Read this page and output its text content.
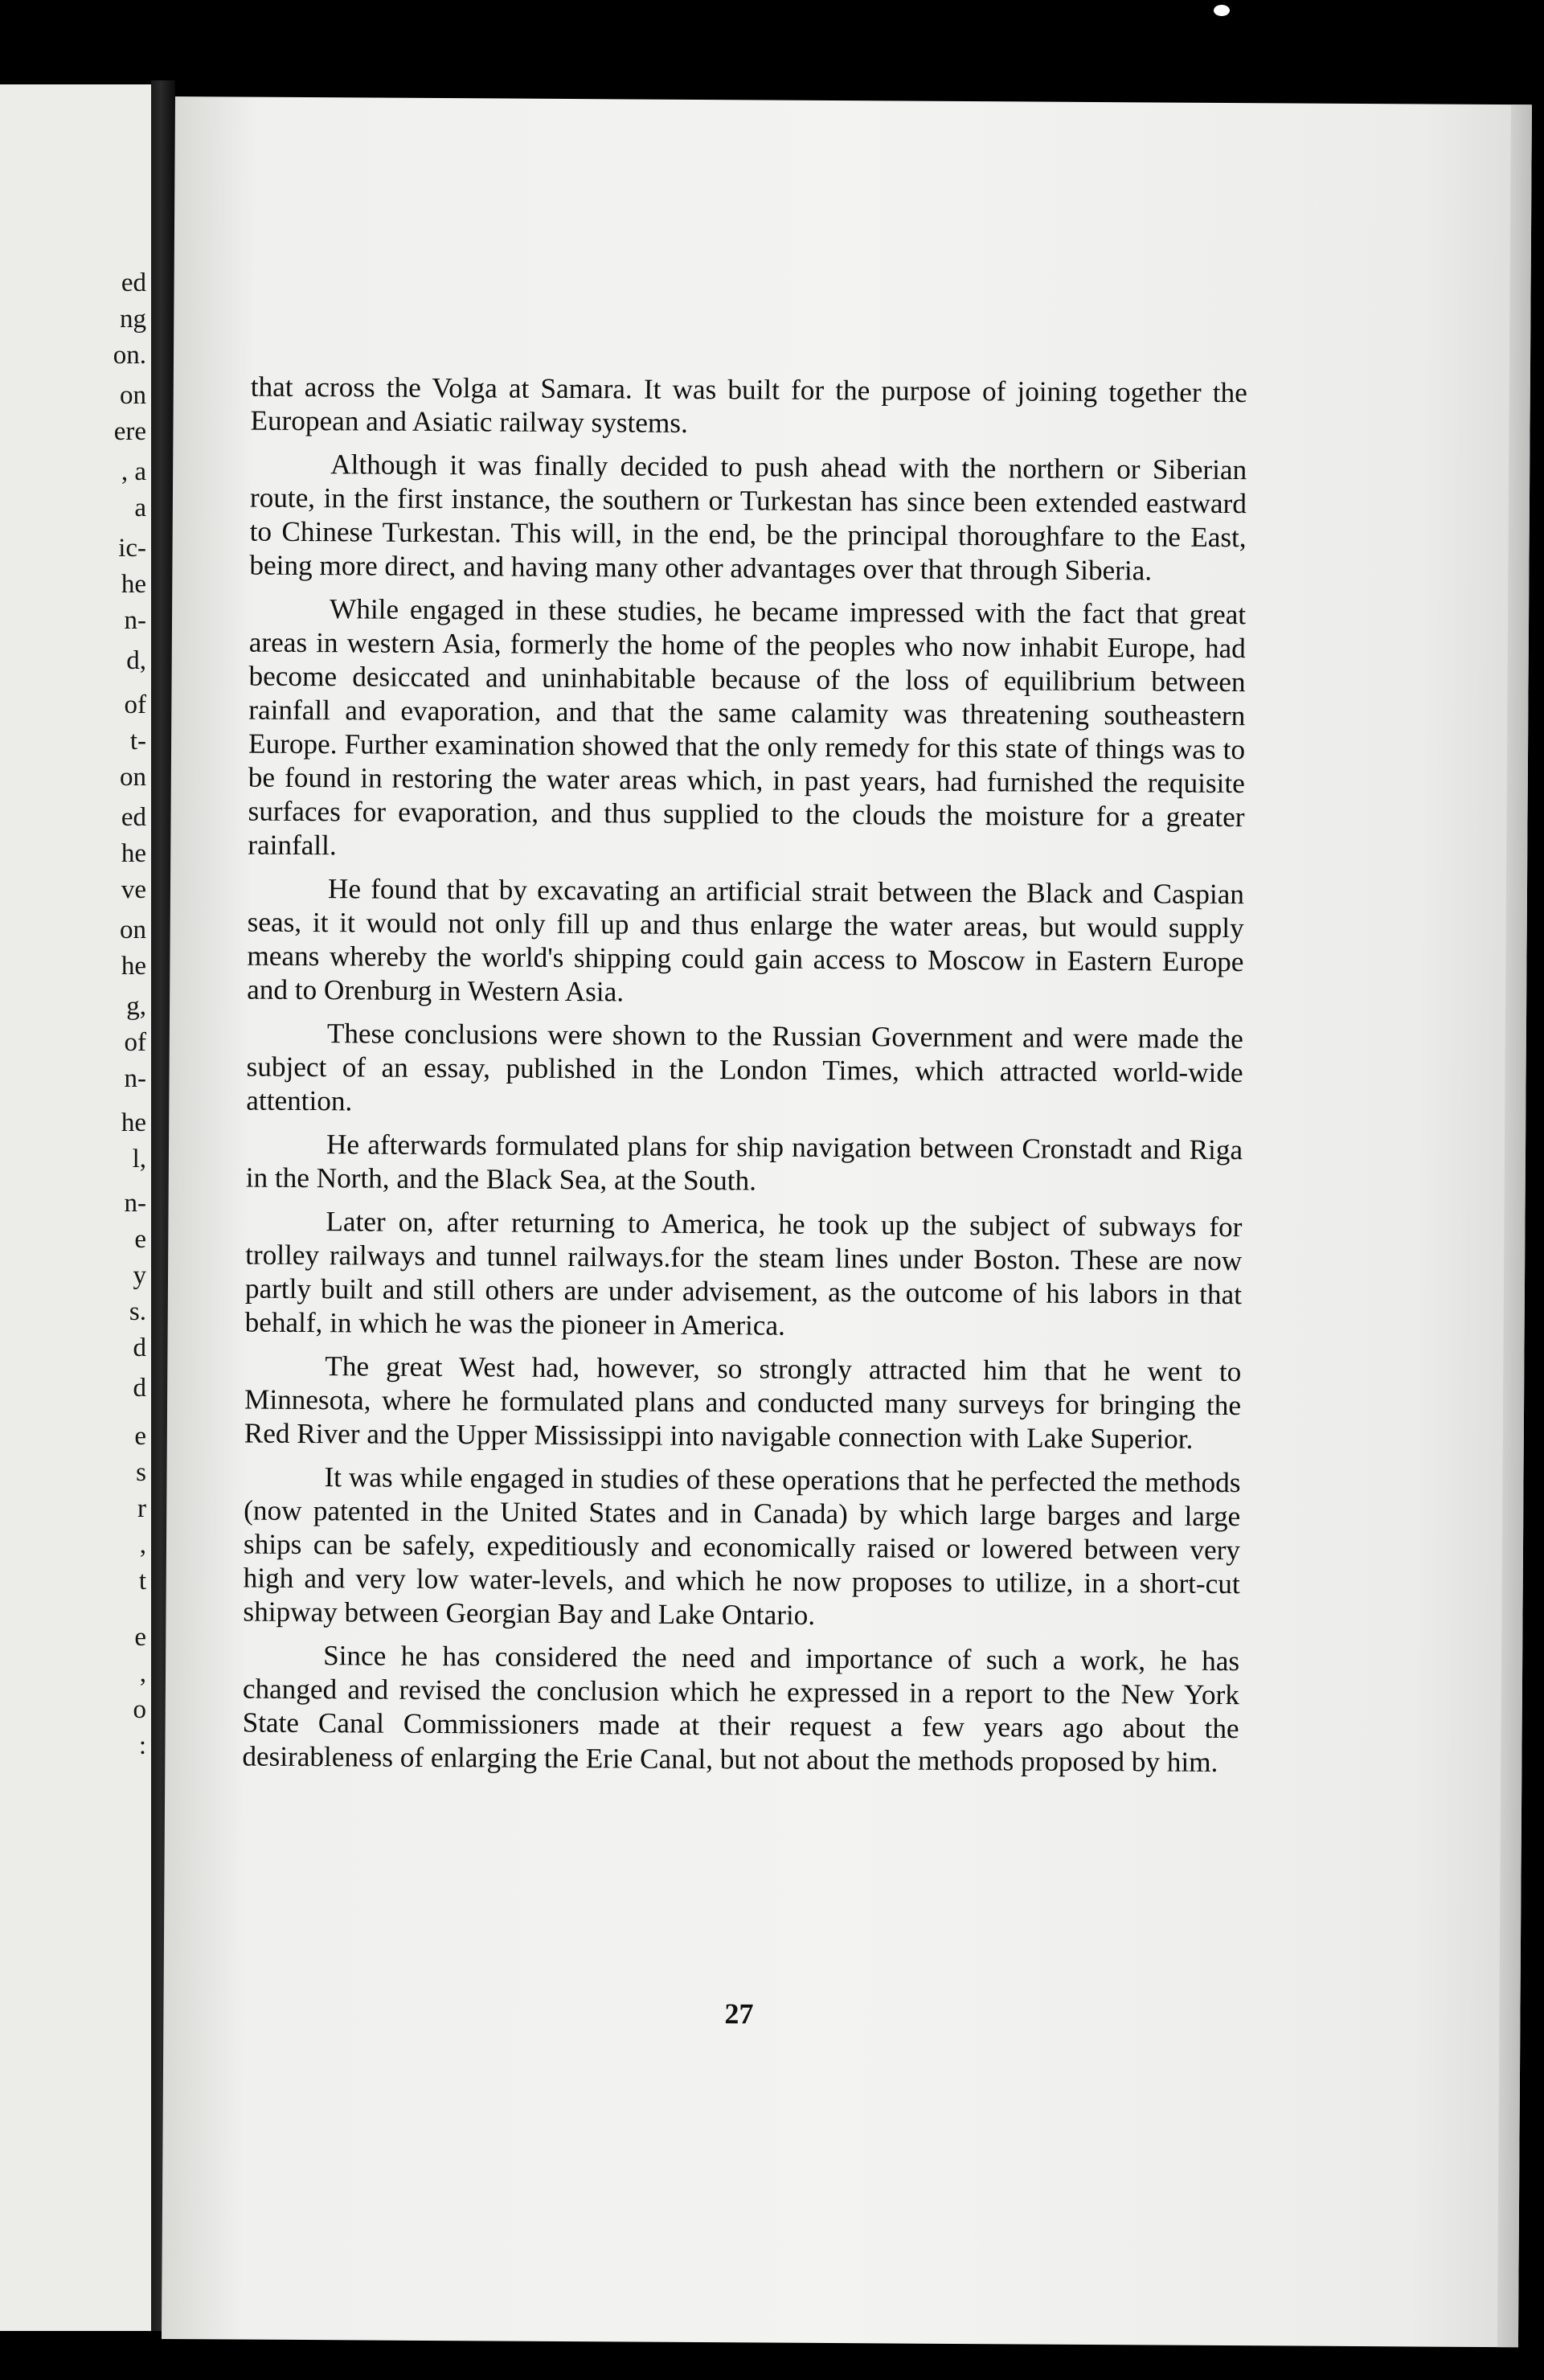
ed
ng
on.
on
ere
, a
a
ic-
he
n-
d,
of
t-
on
ed
he
ve
on
he
g,
of
n-
he
l,
n-
e
y
s.
d
d
e
s
r
,
t
e
,
o
:

that across the Volga at Samara. It was built for the purpose of joining together the European and Asiatic railway systems.

Although it was finally decided to push ahead with the northern or Siberian route, in the first instance, the southern or Turkestan has since been extended eastward to Chinese Turkestan. This will, in the end, be the principal thoroughfare to the East, being more direct, and having many other advantages over that through Siberia.

While engaged in these studies, he became impressed with the fact that great areas in western Asia, formerly the home of the peoples who now inhabit Europe, had become desiccated and uninhabitable because of the loss of equilibrium between rainfall and evaporation, and that the same calamity was threatening southeastern Europe. Further examination showed that the only remedy for this state of things was to be found in restoring the water areas which, in past years, had furnished the requisite surfaces for evaporation, and thus supplied to the clouds the moisture for a greater rainfall.

He found that by excavating an artificial strait between the Black and Caspian seas, it it would not only fill up and thus enlarge the water areas, but would supply means whereby the world's shipping could gain access to Moscow in Eastern Europe and to Orenburg in Western Asia.

These conclusions were shown to the Russian Government and were made the subject of an essay, published in the London Times, which attracted world-wide attention.

He afterwards formulated plans for ship navigation between Cronstadt and Riga in the North, and the Black Sea, at the South.

Later on, after returning to America, he took up the subject of subways for trolley railways and tunnel railways.for the steam lines under Boston. These are now partly built and still others are under advisement, as the outcome of his labors in that behalf, in which he was the pioneer in America.

The great West had, however, so strongly attracted him that he went to Minnesota, where he formulated plans and conducted many surveys for bringing the Red River and the Upper Mississippi into navigable connection with Lake Superior.

It was while engaged in studies of these operations that he perfected the methods (now patented in the United States and in Canada) by which large barges and large ships can be safely, expeditiously and economically raised or lowered between very high and very low water-levels, and which he now proposes to utilize, in a short-cut shipway between Georgian Bay and Lake Ontario.

Since he has considered the need and importance of such a work, he has changed and revised the conclusion which he expressed in a report to the New York State Canal Commissioners made at their request a few years ago about the desirableness of enlarging the Erie Canal, but not about the methods proposed by him.

27
